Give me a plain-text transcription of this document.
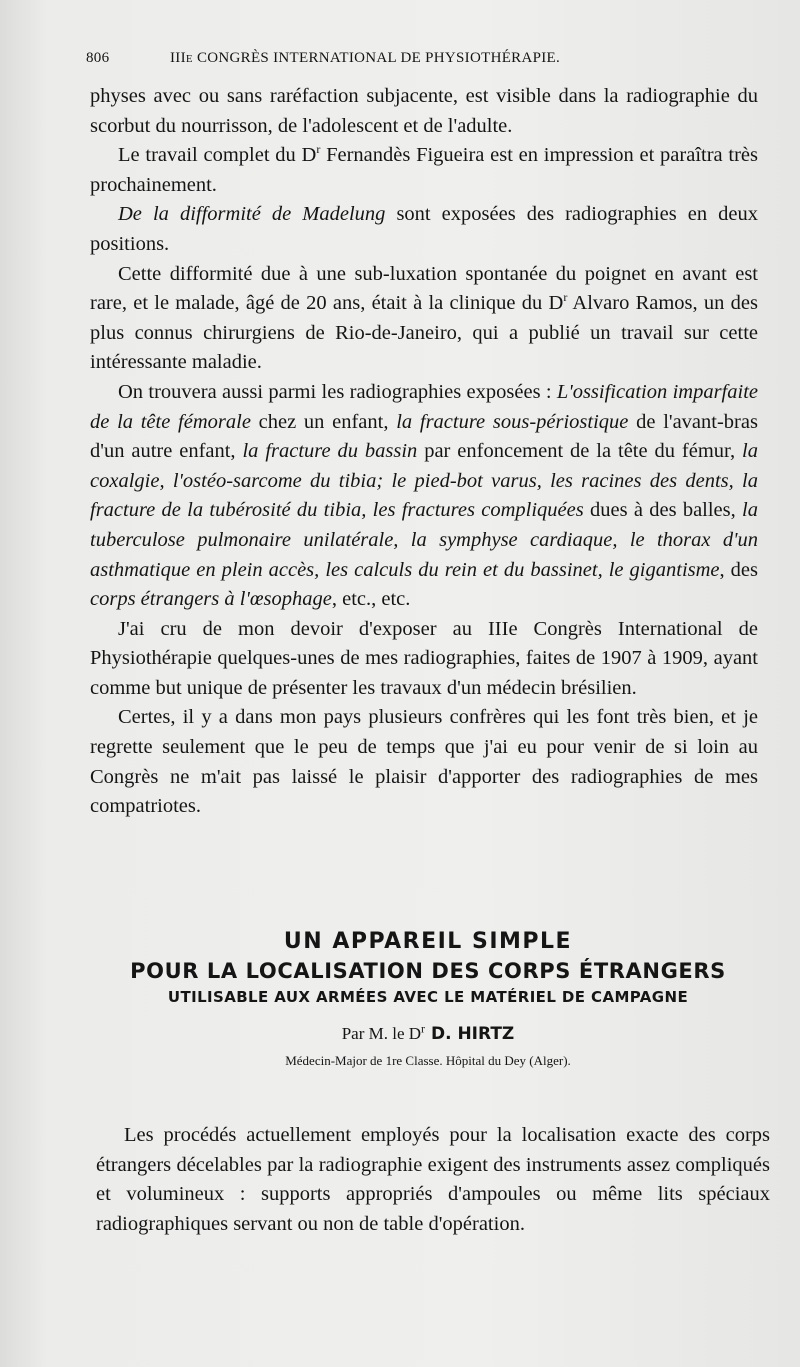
806	IIIe CONGRÈS INTERNATIONAL DE PHYSIOTHÉRAPIE.

physes avec ou sans raréfaction subjacente, est visible dans la radiographie du scorbut du nourrisson, de l'adolescent et de l'adulte.

Le travail complet du $D^r$ Fernandès Figueira est en impression et paraîtra très prochainement.

De la difformité de Madelung sont exposées des radiographies en deux positions.

Cette difformité due à une sub-luxation spontanée du poignet en avant est rare, et le malade, âgé de 20 ans, était à la clinique du $D^r$ Alvaro Ramos, un des plus connus chirurgiens de Rio-de-Janeiro, qui a publié un travail sur cette intéressante maladie.

On trouvera aussi parmi les radiographies exposées : L'ossification imparfaite de la tête fémorale chez un enfant, la fracture sous-périostique de l'avant-bras d'un autre enfant, la fracture du bassin par enfoncement de la tête du fémur, la coxalgie, l'ostéo-sarcome du tibia; le pied-bot varus, les racines des dents, la fracture de la tubérosité du tibia, les fractures compliquées dues à des balles, la tuberculose pulmonaire unilatérale, la symphyse cardiaque, le thorax d'un asthmatique en plein accès, les calculs du rein et du bassinet, le gigantisme, des corps étrangers à l'œsophage, etc., etc.

J'ai cru de mon devoir d'exposer au IIIe Congrès International de Physiothérapie quelques-unes de mes radiographies, faites de 1907 à 1909, ayant comme but unique de présenter les travaux d'un médecin brésilien.

Certes, il y a dans mon pays plusieurs confrères qui les font très bien, et je regrette seulement que le peu de temps que j'ai eu pour venir de si loin au Congrès ne m'ait pas laissé le plaisir d'apporter des radiographies de mes compatriotes.

UN APPAREIL SIMPLE

POUR LA LOCALISATION DES CORPS ÉTRANGERS

UTILISABLE AUX ARMÉES AVEC LE MATÉRIEL DE CAMPAGNE

Par M. le $D^r$ D. HIRTZ

Médecin-Major de 1re Classe. Hôpital du Dey (Alger).

Les procédés actuellement employés pour la localisation exacte des corps étrangers décelables par la radiographie exigent des instruments assez compliqués et volumineux : supports appropriés d'ampoules ou même lits spéciaux radiographiques servant ou non de table d'opération.
